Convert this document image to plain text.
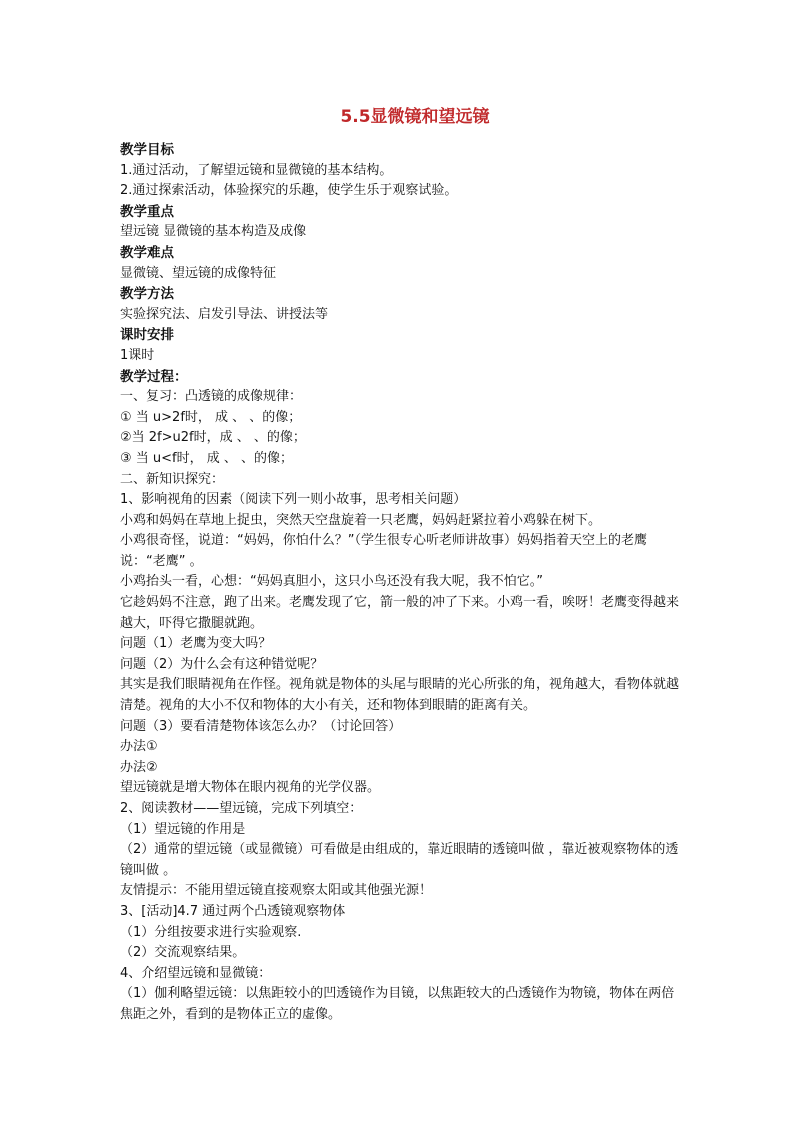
5.5显微镜和望远镜

教学目标

1.通过活动，了解望远镜和显微镜的基本结构。

2.通过探索活动，体验探究的乐趣，使学生乐于观察试验。

教学重点

望远镜 显微镜的基本构造及成像

教学难点

显微镜、望远镜的成像特征

教学方法

实验探究法、启发引导法、讲授法等

课时安排

1课时

教学过程：

一、复习：凸透镜的成像规律：

① 当 u>2f时， 成 、 、的像；

②当 2f>u2f时，成 、 、的像；

③ 当 u<f时， 成 、 、的像；

二、新知识探究：

1、影响视角的因素（阅读下列一则小故事，思考相关问题）

小鸡和妈妈在草地上捉虫，突然天空盘旋着一只老鹰，妈妈赶紧拉着小鸡躲在树下。

小鸡很奇怪，说道：“妈妈，你怕什么？”（学生很专心听老师讲故事）妈妈指着天空上的老鹰说：“老鹰” 。

小鸡抬头一看，心想：“妈妈真胆小，这只小鸟还没有我大呢，我不怕它。”

它趁妈妈不注意，跑了出来。老鹰发现了它，箭一般的冲了下来。小鸡一看，唉呀！老鹰变得越来越大，吓得它撒腿就跑。

问题（1）老鹰为变大吗？

问题（2）为什么会有这种错觉呢？

其实是我们眼睛视角在作怪。视角就是物体的头尾与眼睛的光心所张的角，视角越大，看物体就越清楚。视角的大小不仅和物体的大小有关，还和物体到眼睛的距离有关。

问题（3）要看清楚物体该怎么办？（讨论回答）

办法①

办法②

望远镜就是增大物体在眼内视角的光学仪器。

2、阅读教材——望远镜，完成下列填空：

（1）望远镜的作用是

（2）通常的望远镜（或显微镜）可看做是由组成的，靠近眼睛的透镜叫做 ，靠近被观察物体的透镜叫做 。

友情提示：不能用望远镜直接观察太阳或其他强光源！

3、[活动]4.7 通过两个凸透镜观察物体

（1）分组按要求进行实验观察.

（2）交流观察结果。

4、介绍望远镜和显微镜：

（1）伽利略望远镜：以焦距较小的凹透镜作为目镜，以焦距较大的凸透镜作为物镜，物体在两倍焦距之外，看到的是物体正立的虚像。
